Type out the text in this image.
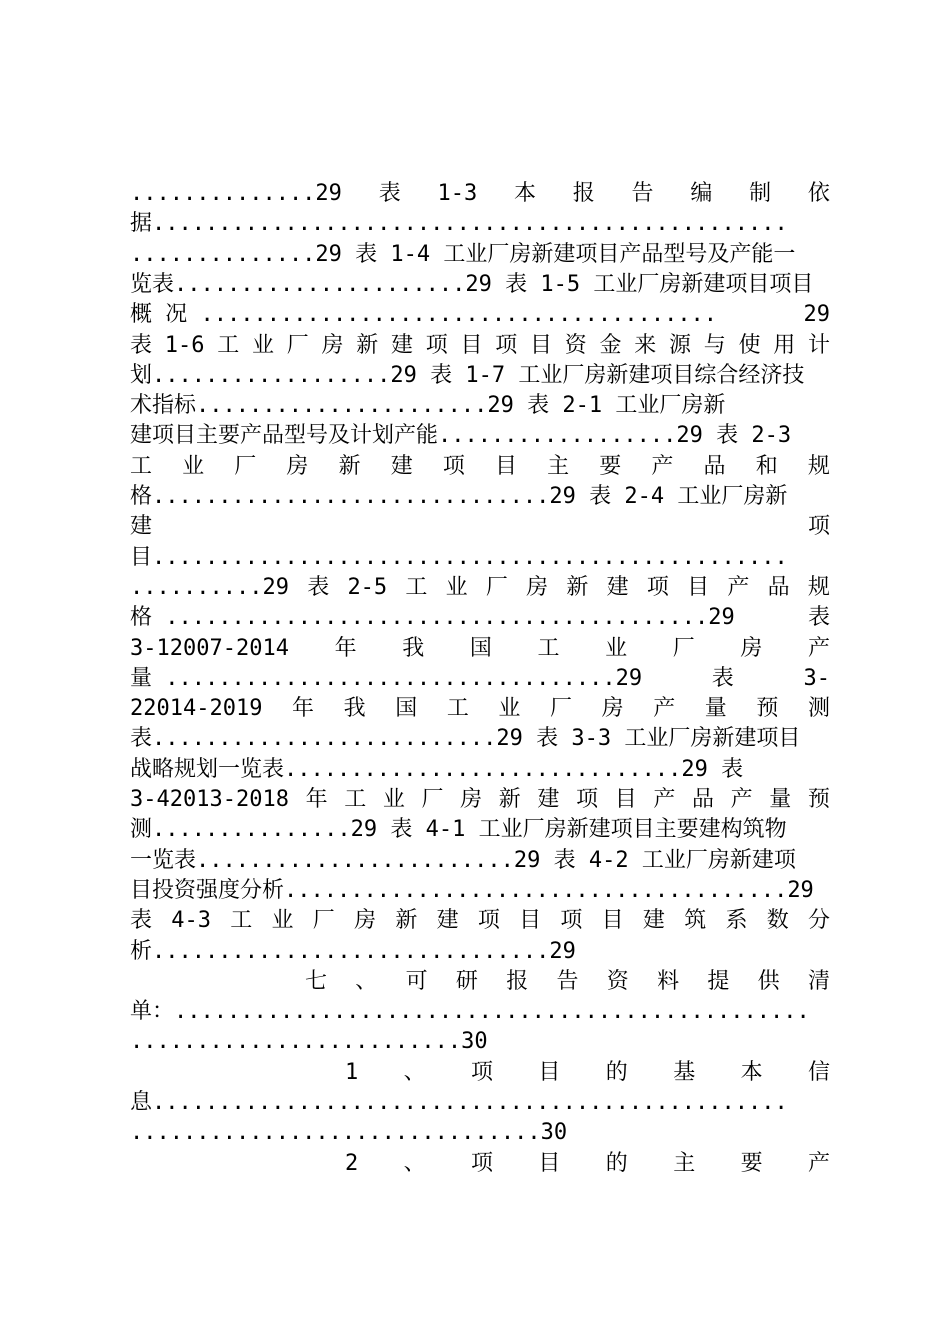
..............29 表 1-3 本 报 告 编 制 依
据................................................
..............29 表 1-4 工业厂房新建项目产品型号及产能一
览表......................29 表 1-5 工业厂房新建项目项目
概 况 .......................................	29
表 1-6 工 业 厂 房 新 建 项 目 项 目 资 金 来 源 与 使 用 计
划..................29 表 1-7 工业厂房新建项目综合经济技
术指标......................29 表 2-1 工业厂房新
建项目主要产品型号及计划产能..................29 表 2-3
工 业 厂 房 新 建 项 目 主 要 产 品 和 规
格..............................29 表 2-4 工业厂房新
建	项
目................................................
..........29 表 2-5 工 业 厂 房 新 建 项 目 产 品 规
格 .........................................29	表
3-12007-2014 年 我 国 工 业 厂 房 产
量 ..................................29	表	3-
22014-2019 年 我 国 工 业 厂 房 产 量 预 测
表..........................29 表 3-3 工业厂房新建项目
战略规划一览表..............................29 表
3-42013-2018 年 工 业 厂 房 新 建 项 目 产 品 产 量 预
测...............29 表 4-1 工业厂房新建项目主要建构筑物
一览表........................29 表 4-2 工业厂房新建项
目投资强度分析......................................29
表 4-3 工 业 厂 房 新 建 项 目 项 目 建 筑 系 数 分
析..............................29
七 、 可 研 报 告 资 料 提 供 清
单：................................................
.........................30
1 、 项 目 的 基 本 信
息................................................
...............................30
2 、 项 目 的 主 要 产
